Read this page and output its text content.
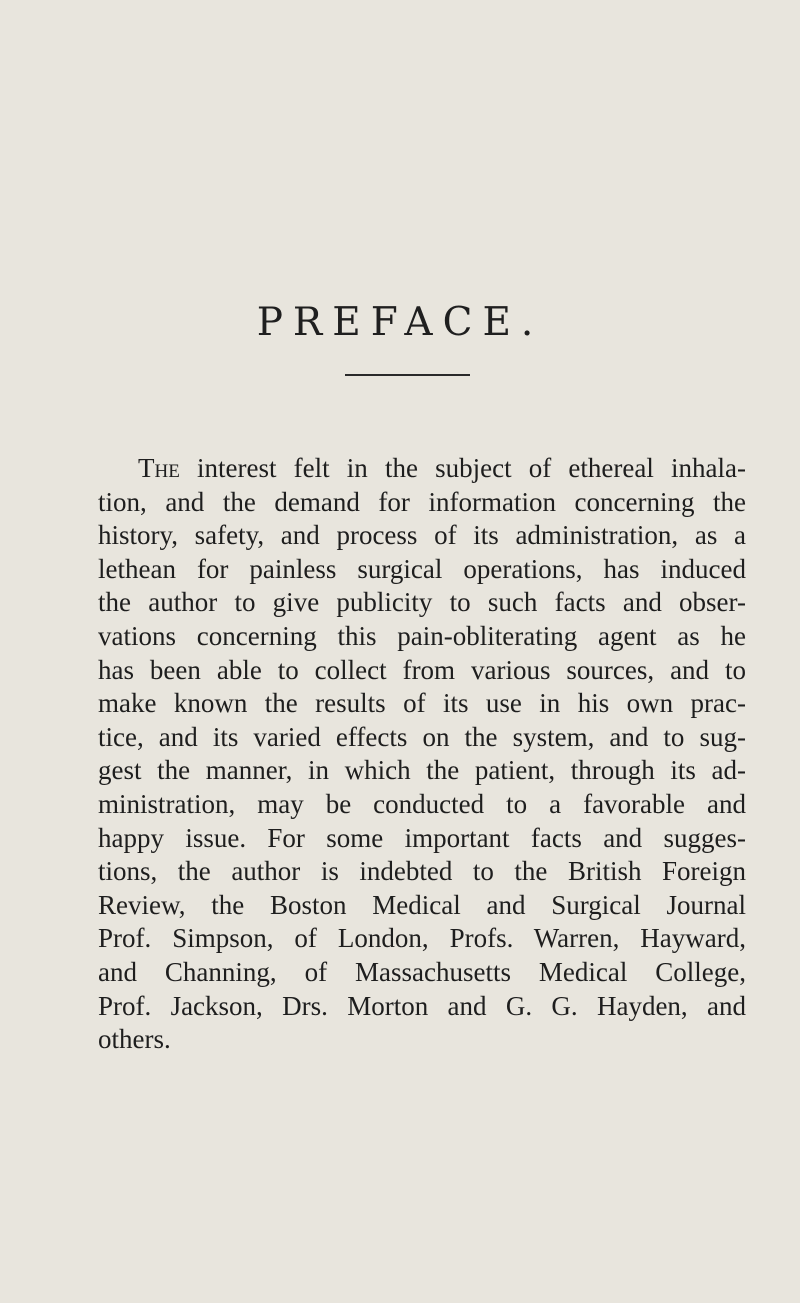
PREFACE.
The interest felt in the subject of ethereal inhala-
tion, and the demand for information concerning the
history, safety, and process of its administration, as a
lethean for painless surgical operations, has induced
the author to give publicity to such facts and obser-
vations concerning this pain-obliterating agent as he
has been able to collect from various sources, and to
make known the results of its use in his own prac-
tice, and its varied effects on the system, and to sug-
gest the manner, in which the patient, through its ad-
ministration, may be conducted to a favorable and
happy issue. For some important facts and sugges-
tions, the author is indebted to the British Foreign
Review, the Boston Medical and Surgical Journal
Prof. Simpson, of London, Profs. Warren, Hayward,
and Channing, of Massachusetts Medical College,
Prof. Jackson, Drs. Morton and G. G. Hayden, and
others.
